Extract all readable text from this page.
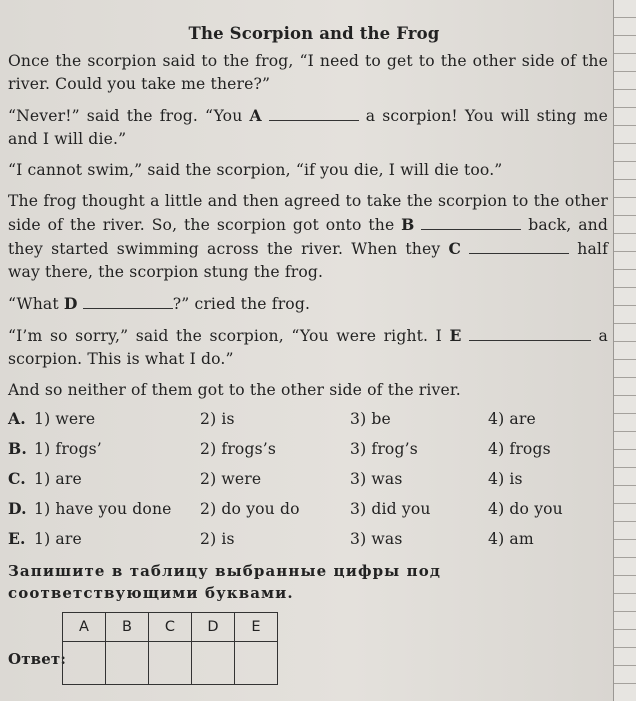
The Scorpion and the Frog

Once the scorpion said to the frog, “I need to get to the other side of the river. Could you take me there?”

“Never!” said the frog. “You A	a scorpion! You will sting me and I will die.”

“I cannot swim,” said the scorpion, “if you die, I will die too.”

The frog thought a little and then agreed to take the scorpion to the other side of the river. So, the scorpion got onto the B	back, and they started swimming across the river. When they C	half way there, the scorpion stung the frog.

“What D	?” cried the frog.

“I’m so sorry,” said the scorpion, “You were right. I E	a scorpion. This is what I do.”

And so neither of them got to the other side of the river.

A. 1) were	2) is	3) be	4) are
B. 1) frogs’	2) frogs’s	3) frog’s	4) frogs
C. 1) are	2) were	3) was	4) is
D. 1) have you done	2) do you do	3) did you	4) do you
E. 1) are	2) is	3) was	4) am
Запишите в таблицу выбранные цифры под соответствующими буквами.
Ответ:
A	B	C	D	E
